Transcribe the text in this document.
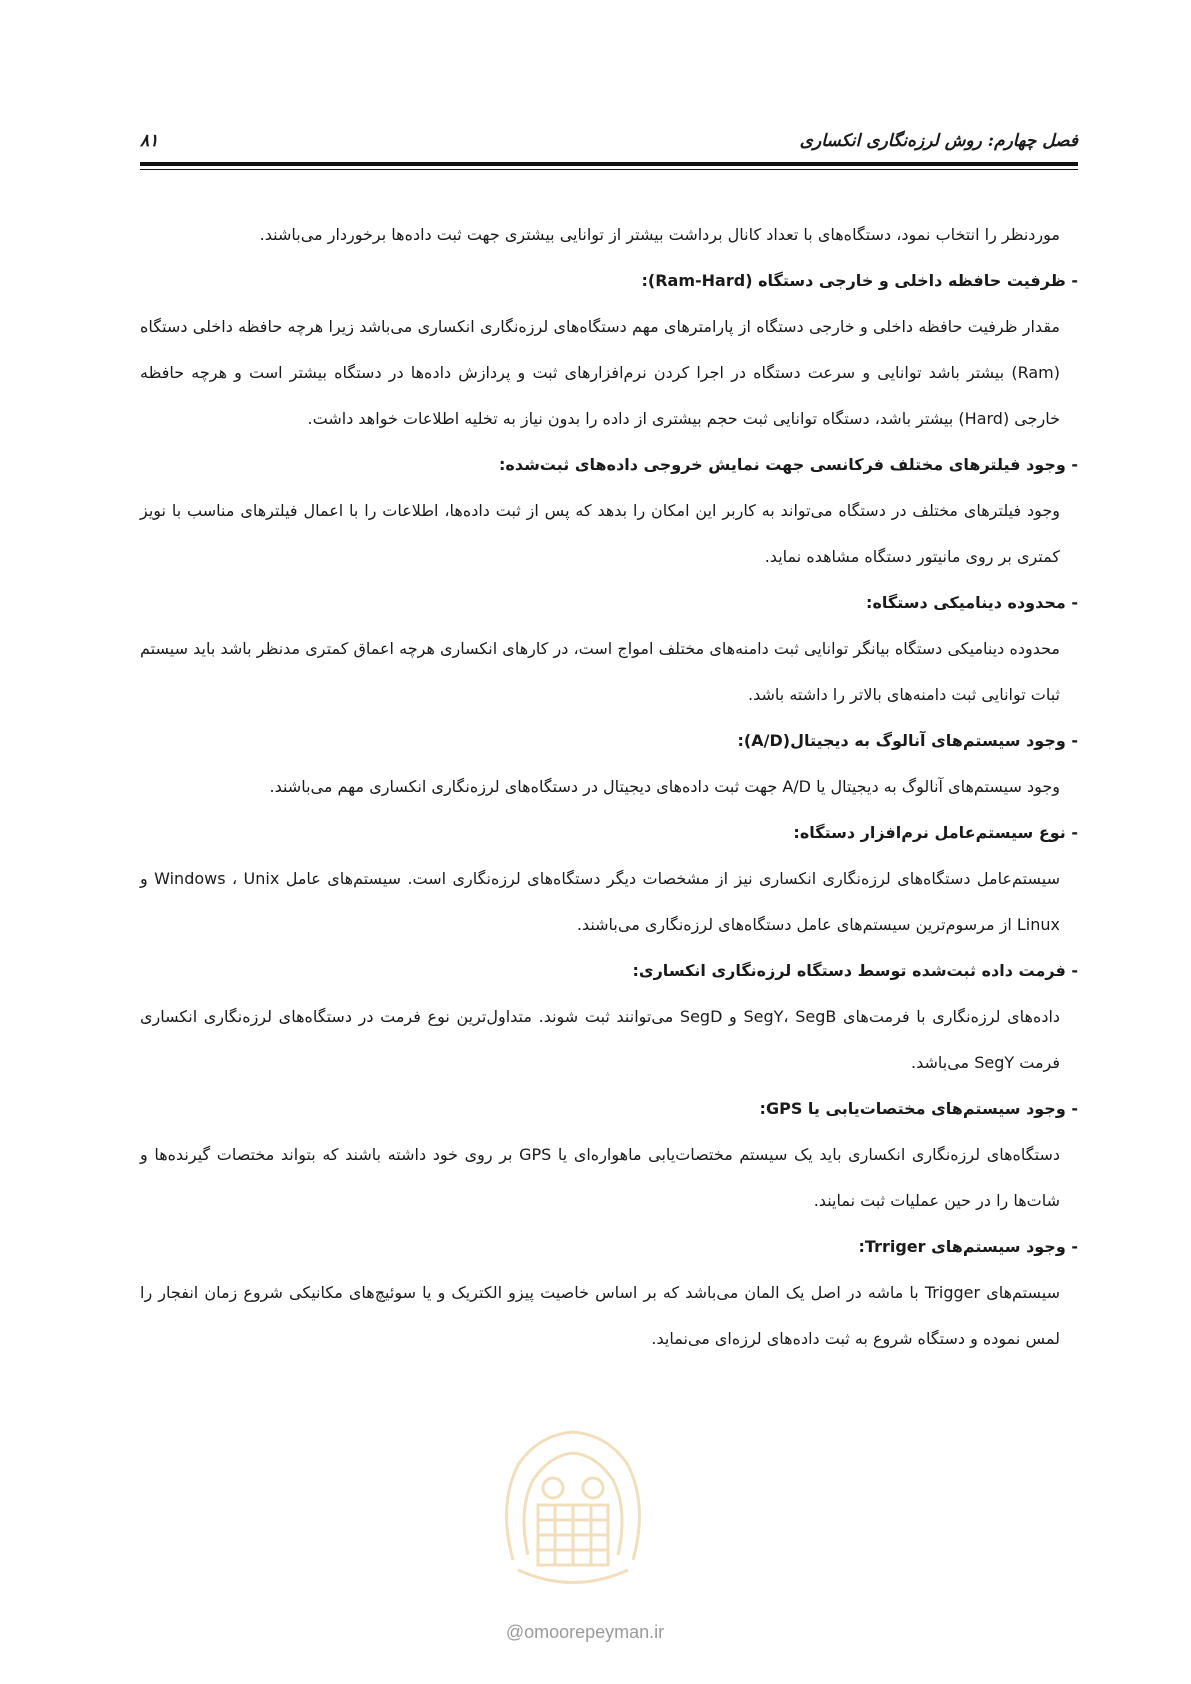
فصل چهارم: روش لرزه‌نگاری انکساری
۸۱

موردنظر را انتخاب نمود، دستگاه‌های با تعداد کانال برداشت بیشتر از توانایی بیشتری جهت ثبت داده‌ها برخوردار می‌باشند.

- ظرفیت حافظه داخلی و خارجی دستگاه (Ram-Hard):

مقدار ظرفیت حافظه داخلی و خارجی دستگاه از پارامترهای مهم دستگاه‌های لرزه‌نگاری انکساری می‌باشد زیرا هرچه حافظه داخلی دستگاه (Ram) بیشتر باشد توانایی و سرعت دستگاه در اجرا کردن نرم‌افزارهای ثبت و پردازش داده‌ها در دستگاه بیشتر است و هرچه حافظه خارجی (Hard) بیشتر باشد، دستگاه توانایی ثبت حجم بیشتری از داده را بدون نیاز به تخلیه اطلاعات خواهد داشت.

- وجود فیلترهای مختلف فرکانسی جهت نمایش خروجی داده‌های ثبت‌شده:

وجود فیلترهای مختلف در دستگاه می‌تواند به کاربر این امکان را بدهد که پس از ثبت داده‌ها، اطلاعات را با اعمال فیلترهای مناسب با نویز کمتری بر روی مانیتور دستگاه مشاهده نماید.

- محدوده دینامیکی دستگاه:

محدوده دینامیکی دستگاه بیانگر توانایی ثبت دامنه‌های مختلف امواج است، در کارهای انکساری هرچه اعماق کمتری مدنظر باشد باید سیستم ثبات توانایی ثبت دامنه‌های بالاتر را داشته باشد.

- وجود سیستم‌های آنالوگ به دیجیتال(A/D):

وجود سیستم‌های آنالوگ به دیجیتال یا A/D جهت ثبت داده‌های دیجیتال در دستگاه‌های لرزه‌نگاری انکساری مهم می‌باشند.

- نوع سیستم‌عامل نرم‌افزار دستگاه:

سیستم‌عامل دستگاه‌های لرزه‌نگاری انکساری نیز از مشخصات دیگر دستگاه‌های لرزه‌نگاری است. سیستم‌های عامل Windows ، Unix و Linux از مرسوم‌ترین سیستم‌های عامل دستگاه‌های لرزه‌نگاری می‌باشند.

- فرمت داده ثبت‌شده توسط دستگاه لرزه‌نگاری انکساری:

داده‌های لرزه‌نگاری با فرمت‌های SegY، SegB و SegD می‌توانند ثبت شوند. متداول‌ترین نوع فرمت در دستگاه‌های لرزه‌نگاری انکساری فرمت SegY می‌باشد.

- وجود سیستم‌های مختصات‌یابی یا GPS:

دستگاه‌های لرزه‌نگاری انکساری باید یک سیستم مختصات‌یابی ماهواره‌ای یا GPS بر روی خود داشته باشند که بتواند مختصات گیرنده‌ها و شات‌ها را در حین عملیات ثبت نمایند.

- وجود سیستم‌های Trriger:

سیستم‌های Trigger با ماشه در اصل یک المان می‌باشد که بر اساس خاصیت پیزو الکتریک و یا سوئیچ‌های مکانیکی شروع زمان انفجار را لمس نموده و دستگاه شروع به ثبت داده‌های لرزه‌ای می‌نماید.

@omoorepeyman.ir
